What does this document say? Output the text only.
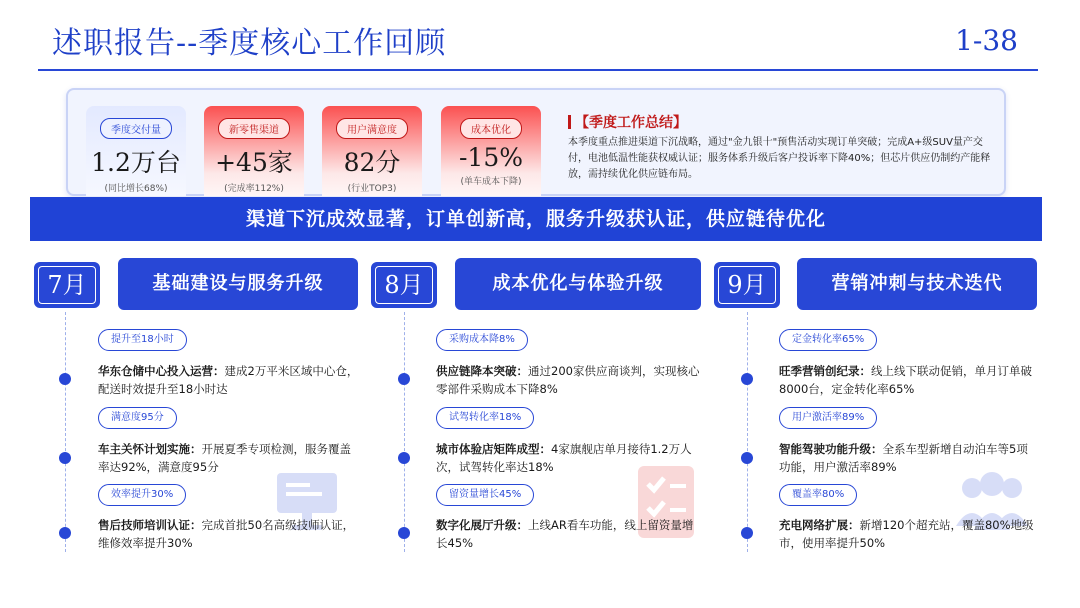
述职报告--季度核心工作回顾	1-38
季度交付量
1.2万台
(同比增长68%)
新零售渠道
+45家
(完成率112%)
用户满意度
82分
(行业TOP3)
成本优化
-15%
(单车成本下降)
【季度工作总结】
本季度重点推进渠道下沉战略，通过"金九银十"预售活动实现订单突破；完成A+级SUV量产交付，电池低温性能获权威认证；服务体系升级后客户投诉率下降40%；但芯片供应仍制约产能释放，需持续优化供应链布局。
渠道下沉成效显著，订单创新高，服务升级获认证，供应链待优化
7月	基础建设与服务升级
提升至18小时
华东仓储中心投入运营：建成2万平米区域中心仓，配送时效提升至18小时达
满意度95分
车主关怀计划实施：开展夏季专项检测，服务覆盖率达92%，满意度95分
效率提升30%
售后技师培训认证：完成首批50名高级技师认证，维修效率提升30%
8月	成本优化与体验升级
采购成本降8%
供应链降本突破：通过200家供应商谈判，实现核心零部件采购成本下降8%
试驾转化率18%
城市体验店矩阵成型：4家旗舰店单月接待1.2万人次，试驾转化率达18%
留资量增长45%
数字化展厅升级：上线AR看车功能，线上留资量增长45%
9月	营销冲刺与技术迭代
定金转化率65%
旺季营销创纪录：线上线下联动促销，单月订单破8000台，定金转化率65%
用户激活率89%
智能驾驶功能升级：全系车型新增自动泊车等5项功能，用户激活率89%
覆盖率80%
充电网络扩展：新增120个超充站，覆盖80%地级市，使用率提升50%
